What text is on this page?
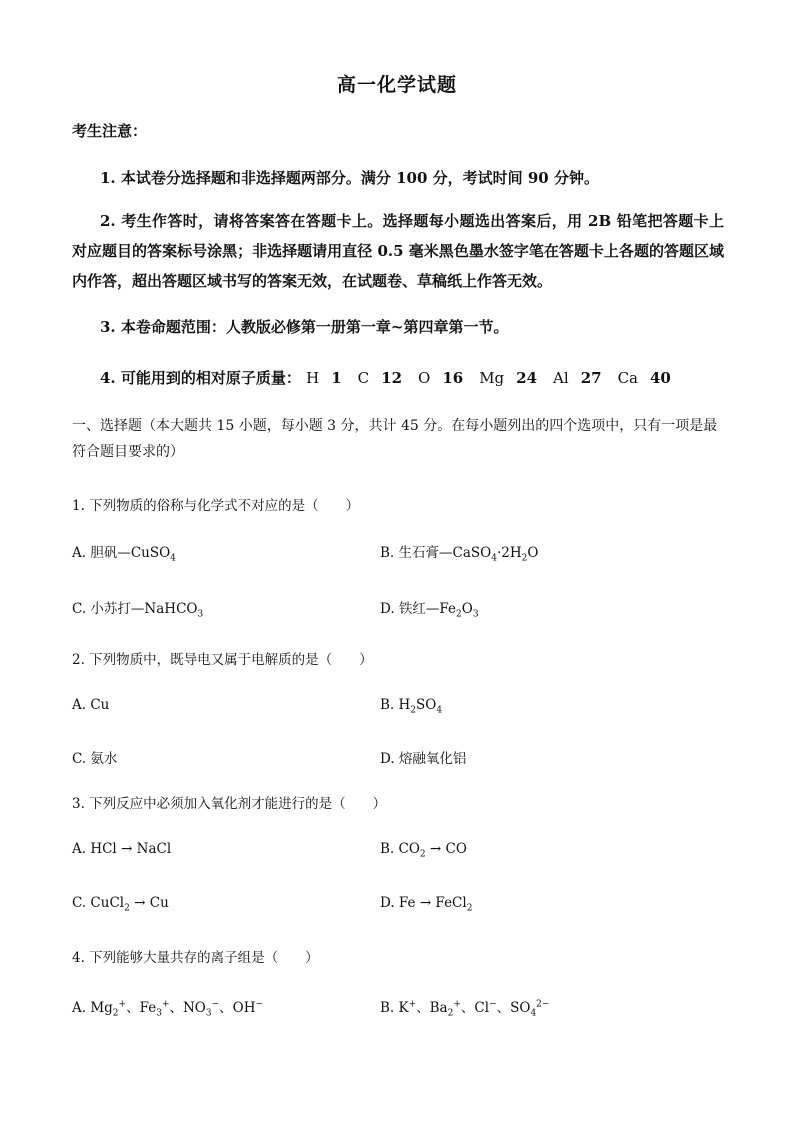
高一化学试题
考生注意：
1. 本试卷分选择题和非选择题两部分。满分 100 分，考试时间 90 分钟。
2. 考生作答时，请将答案答在答题卡上。选择题每小题选出答案后，用 2B 铅笔把答题卡上对应题目的答案标号涂黑；非选择题请用直径 0.5 毫米黑色墨水签字笔在答题卡上各题的答题区域内作答，超出答题区域书写的答案无效，在试题卷、草稿纸上作答无效。
3. 本卷命题范围：人教版必修第一册第一章~第四章第一节。
4. 可能用到的相对原子质量： H 1 C 12 O 16 Mg 24 Al 27 Ca 40
一、选择题（本大题共 15 小题，每小题 3 分，共计 45 分。在每小题列出的四个选项中，只有一项是最符合题目要求的）
1. 下列物质的俗称与化学式不对应的是（　　）
A. 胆矾—CuSO$_4$	B. 生石膏$—CaSO_4\cdot 2H_2O$
C. 小苏打—NaHCO$_3$	D. 铁红$—Fe_2O_3$
2. 下列物质中，既导电又属于电解质的是（　　）
A. Cu	B. $H_2SO_4$
C. 氨水	D. 熔融氧化铝
3. 下列反应中必须加入氧化剂才能进行的是（　　）
A. HCl → NaCl	B. $CO_2$ → CO
C. CuCl$_2$ → Cu	D. Fe → FeCl$_2$
4. 下列能够大量共存的离子组是（　　）
A. $Mg_2^+$、$Fe_3^+$、$NO_3^-$、OH−	B. K+、$Ba_2^+$、Cl−、$SO_4^{2-}$
